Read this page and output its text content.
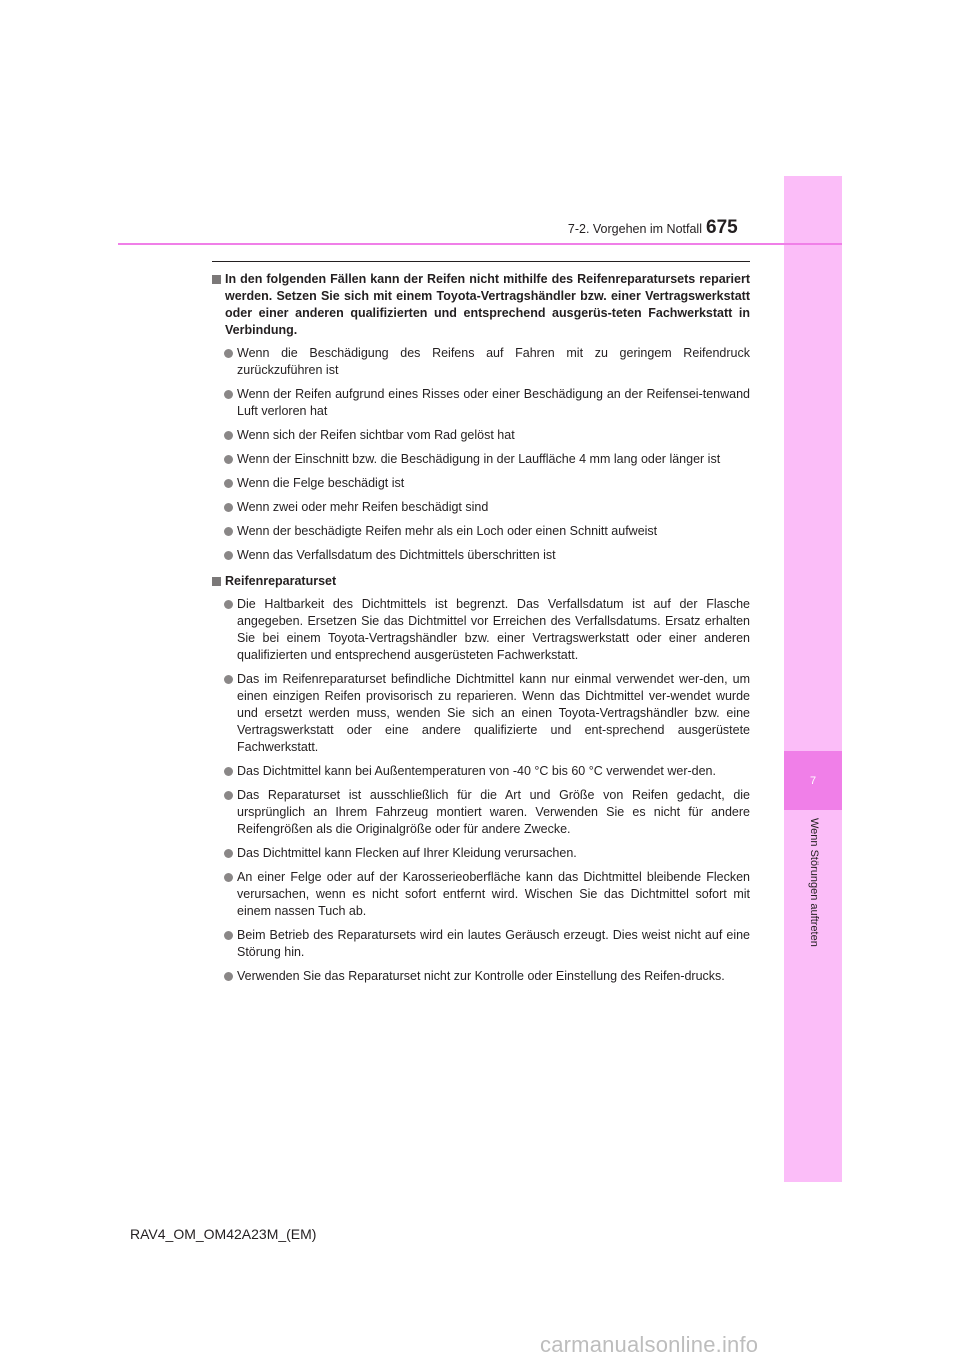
7
Wenn Störungen auftreten
7-2. Vorgehen im Notfall 675
In den folgenden Fällen kann der Reifen nicht mithilfe des Reifenreparatursets repariert werden. Setzen Sie sich mit einem Toyota-Vertragshändler bzw. einer Vertragswerkstatt oder einer anderen qualifizierten und entsprechend ausgerüs-teten Fachwerkstatt in Verbindung.
Wenn die Beschädigung des Reifens auf Fahren mit zu geringem Reifendruck zurückzuführen ist
Wenn der Reifen aufgrund eines Risses oder einer Beschädigung an der Reifensei-tenwand Luft verloren hat
Wenn sich der Reifen sichtbar vom Rad gelöst hat
Wenn der Einschnitt bzw. die Beschädigung in der Lauffläche 4 mm lang oder länger ist
Wenn die Felge beschädigt ist
Wenn zwei oder mehr Reifen beschädigt sind
Wenn der beschädigte Reifen mehr als ein Loch oder einen Schnitt aufweist
Wenn das Verfallsdatum des Dichtmittels überschritten ist
Reifenreparaturset
Die Haltbarkeit des Dichtmittels ist begrenzt. Das Verfallsdatum ist auf der Flasche angegeben. Ersetzen Sie das Dichtmittel vor Erreichen des Verfallsdatums. Ersatz erhalten Sie bei einem Toyota-Vertragshändler bzw. einer Vertragswerkstatt oder einer anderen qualifizierten und entsprechend ausgerüsteten Fachwerkstatt.
Das im Reifenreparaturset befindliche Dichtmittel kann nur einmal verwendet wer-den, um einen einzigen Reifen provisorisch zu reparieren. Wenn das Dichtmittel ver-wendet wurde und ersetzt werden muss, wenden Sie sich an einen Toyota-Vertragshändler bzw. eine Vertragswerkstatt oder eine andere qualifizierte und ent-sprechend ausgerüstete Fachwerkstatt.
Das Dichtmittel kann bei Außentemperaturen von -40 °C bis 60 °C verwendet wer-den.
Das Reparaturset ist ausschließlich für die Art und Größe von Reifen gedacht, die ursprünglich an Ihrem Fahrzeug montiert waren. Verwenden Sie es nicht für andere Reifengrößen als die Originalgröße oder für andere Zwecke.
Das Dichtmittel kann Flecken auf Ihrer Kleidung verursachen.
An einer Felge oder auf der Karosserieoberfläche kann das Dichtmittel bleibende Flecken verursachen, wenn es nicht sofort entfernt wird. Wischen Sie das Dichtmittel sofort mit einem nassen Tuch ab.
Beim Betrieb des Reparatursets wird ein lautes Geräusch erzeugt. Dies weist nicht auf eine Störung hin.
Verwenden Sie das Reparaturset nicht zur Kontrolle oder Einstellung des Reifen-drucks.
RAV4_OM_OM42A23M_(EM)
carmanualsonline.info
